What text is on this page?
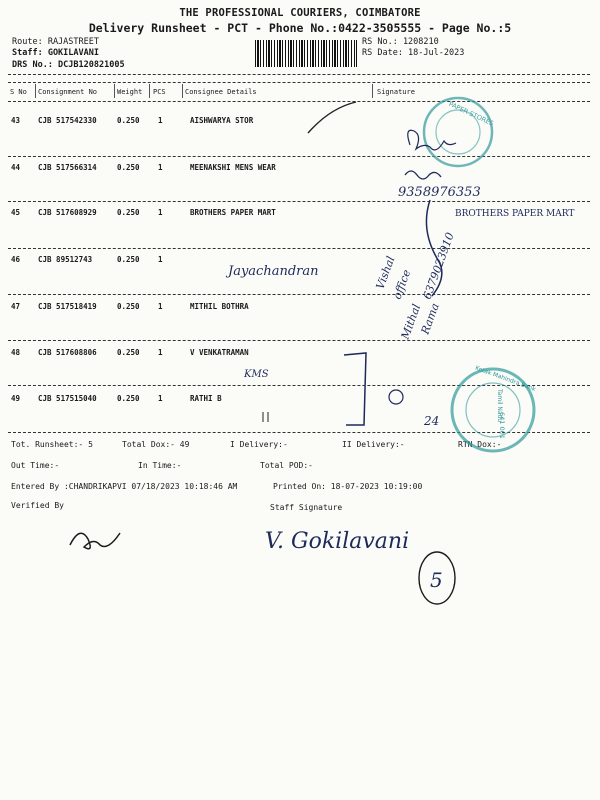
THE PROFESSIONAL COURIERS, COIMBATORE
Delivery Runsheet - PCT - Phone No.:0422-3505555 - Page No.:5
Route: RAJASTREET
Staff: GOKILAVANI
DRS No.: DCJB120821005
RS No.: 1208210
RS Date: 18-Jul-2023
S No Consignment No	Weight PCS	Consignee Details	Signature
43 CJB 517542330	0.250 1	AISHWARYA STOR
44 CJB 517566314	0.250 1	MEENAKSHI MENS WEAR
45 CJB 517608929	0.250 1	BROTHERS PAPER MART
46 CJB 89512743	0.250 1
47 CJB 517518419	0.250 1	MITHIL BOTHRA
48 CJB 517608806	0.250 1	V VENKATRAMAN
49 CJB 517515040	0.250 1	RATHI B
Tot. Runsheet:- 5	Total Dox:- 49	I Delivery:-	II Delivery:-	RTN Dox:-
Out Time:-	In Time:-	Total POD:-
Entered By :CHANDRIKAPVI 07/18/2023 10:18:46 AM	Printed On: 18-07-2023 10:19:00
Verified By	Staff Signature
PAPER STORES
Kotak Mahindra Bank
Tamil Nadu
641 001
9358976353
BROTHERS PAPER MART
Jayachandran	Vishal
office 6379023910
Mithal
Rama
KMS
24
V. Gokilavani
5
